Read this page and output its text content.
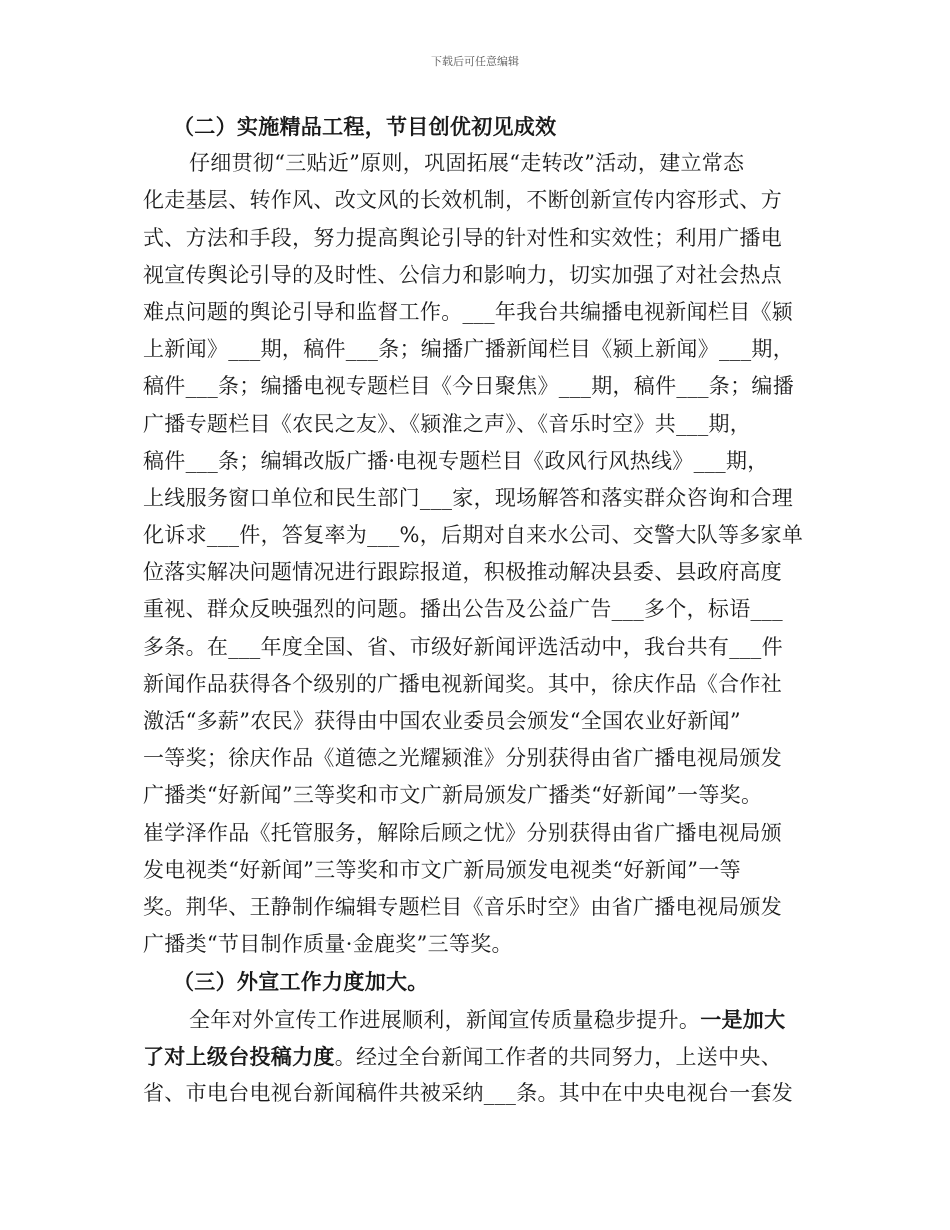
下载后可任意编辑
（二）实施精品工程，节目创优初见成效
仔细贯彻“三贴近”原则，巩固拓展“走转改”活动，建立常态
化走基层、转作风、改文风的长效机制，不断创新宣传内容形式、方
式、方法和手段，努力提高舆论引导的针对性和实效性；利用广播电
视宣传舆论引导的及时性、公信力和影响力，切实加强了对社会热点
难点问题的舆论引导和监督工作。___年我台共编播电视新闻栏目《颍
上新闻》___期，稿件___条；编播广播新闻栏目《颍上新闻》___期，
稿件___条；编播电视专题栏目《今日聚焦》___期，稿件___条；编播
广播专题栏目《农民之友》、《颍淮之声》、《音乐时空》共___期，
稿件___条；编辑改版广播·电视专题栏目《政风行风热线》___期，
上线服务窗口单位和民生部门___家，现场解答和落实群众咨询和合理
化诉求___件，答复率为___%，后期对自来水公司、交警大队等多家单
位落实解决问题情况进行跟踪报道，积极推动解决县委、县政府高度
重视、群众反映强烈的问题。播出公告及公益广告___多个，标语___
多条。在___年度全国、省、市级好新闻评选活动中，我台共有___件
新闻作品获得各个级别的广播电视新闻奖。其中，徐庆作品《合作社
激活“多薪”农民》获得由中国农业委员会颁发“全国农业好新闻”
一等奖；徐庆作品《道德之光耀颍淮》分别获得由省广播电视局颁发
广播类“好新闻”三等奖和市文广新局颁发广播类“好新闻”一等奖。
崔学泽作品《托管服务，解除后顾之忧》分别获得由省广播电视局颁
发电视类“好新闻”三等奖和市文广新局颁发电视类“好新闻”一等
奖。荆华、王静制作编辑专题栏目《音乐时空》由省广播电视局颁发
广播类“节目制作质量·金鹿奖”三等奖。
（三）外宣工作力度加大。
全年对外宣传工作进展顺利，新闻宣传质量稳步提升。一是加大
了对上级台投稿力度。经过全台新闻工作者的共同努力，上送中央、
省、市电台电视台新闻稿件共被采纳___条。其中在中央电视台一套发
